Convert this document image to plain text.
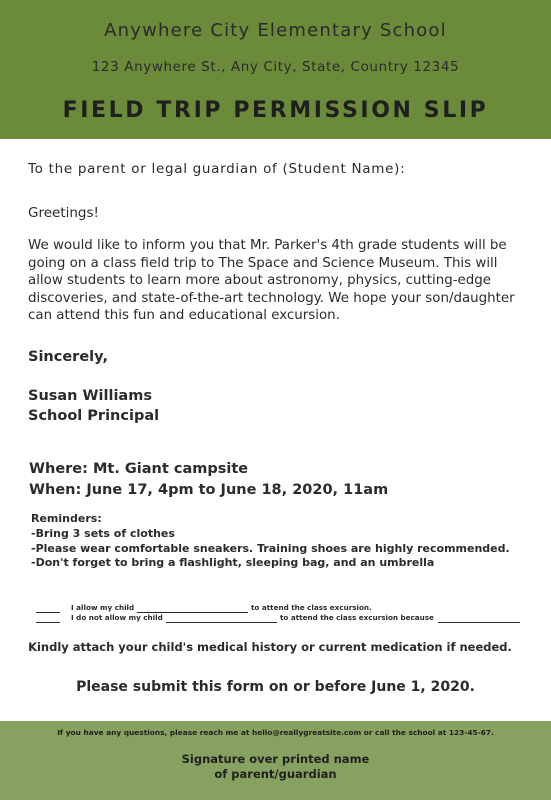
Anywhere City Elementary School
123 Anywhere St., Any City, State, Country 12345
FIELD TRIP PERMISSION SLIP
To the parent or legal guardian of (Student Name):
Greetings!
We would like to inform you that Mr. Parker's 4th grade students will be going on a class field trip to The Space and Science Museum. This will allow students to learn more about astronomy, physics, cutting-edge discoveries, and state-of-the-art technology. We hope your son/daughter can attend this fun and educational excursion.
Sincerely,
Susan Williams
School Principal
Where: Mt. Giant campsite
When: June 17, 4pm to June 18, 2020, 11am
Reminders:
-Bring 3 sets of clothes
-Please wear comfortable sneakers. Training shoes are highly recommended.
-Don't forget to bring a flashlight, sleeping bag, and an umbrella
I allow my child	to attend the class excursion.
I do not allow my child	to attend the class excursion because
Kindly attach your child's medical history or current medication if needed.
Please submit this form on or before June 1, 2020.
If you have any questions, please reach me at hello@reallygreatsite.com or call the school at 123-45-67.
Signature over printed name
of parent/guardian
